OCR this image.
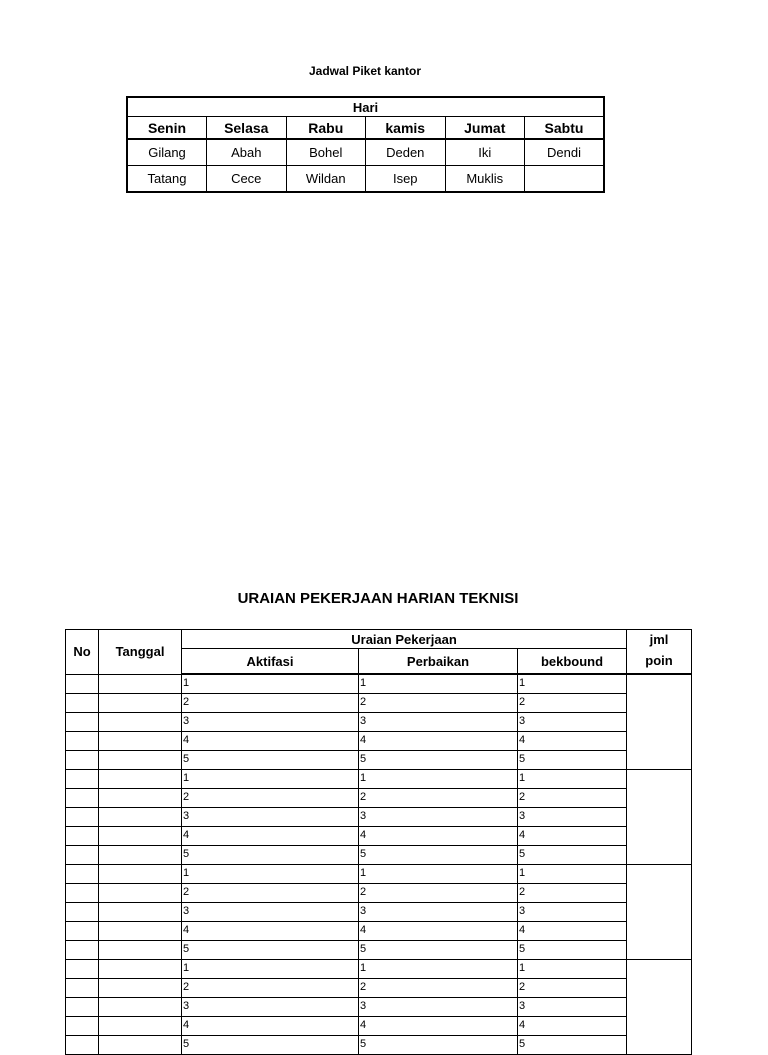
Jadwal Piket kantor
Hari					
Senin	Selasa	Rabu	kamis	Jumat	Sabtu
Gilang	Abah	Bohel	Deden	Iki	Dendi
Tatang	Cece	Wildan	Isep	Muklis	
URAIAN PEKERJAAN HARIAN TEKNISI
No	Tanggal	Uraian Pekerjaan			jml
		Aktifasi	Perbaikan	bekbound	poin
		1	1	1	
		2	2	2	
		3	3	3	
		4	4	4	
		5	5	5	
		1	1	1	
		2	2	2	
		3	3	3	
		4	4	4	
		5	5	5	
		1	1	1	
		2	2	2	
		3	3	3	
		4	4	4	
		5	5	5	
		1	1	1	
		2	2	2	
		3	3	3	
		4	4	4	
		5	5	5	
